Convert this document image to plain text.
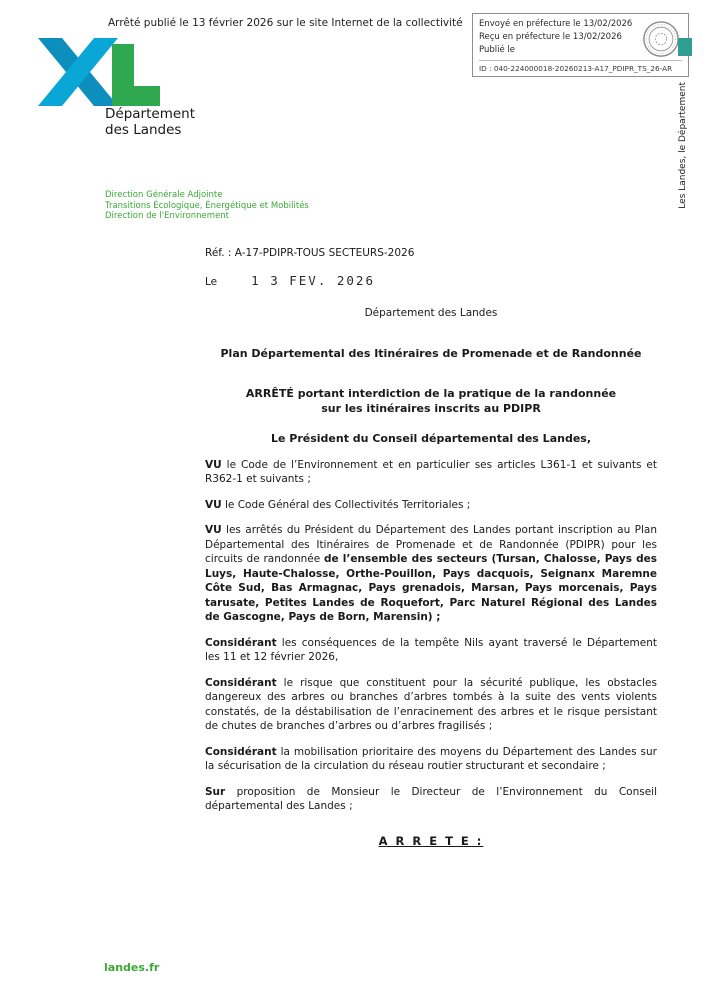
Arrêté publié le 13 février 2026 sur le site Internet de la collectivité Envoyé en préfecture le 13/02/2026
Reçu en préfecture le 13/02/2026
Publié le
ID : 040-224000018-20260213-A17_PDIPR_TS_26-AR
Les Landes, le Département
Département
des Landes
Direction Générale Adjointe
Transitions Écologique, Énergétique et Mobilités
Direction de l'Environnement
Réf. : A-17-PDIPR-TOUS SECTEURS-2026
Le	1 3 FEV. 2026
Département des Landes
Plan Départemental des Itinéraires de Promenade et de Randonnée
ARRÊTÉ portant interdiction de la pratique de la randonnée
sur les itinéraires inscrits au PDIPR
Le Président du Conseil départemental des Landes,

VU le Code de l’Environnement et en particulier ses articles L361-1 et suivants et R362-1 et suivants ;

VU le Code Général des Collectivités Territoriales ;

VU les arrêtés du Président du Département des Landes portant inscription au Plan Départemental des Itinéraires de Promenade et de Randonnée (PDIPR) pour les circuits de randonnée de l’ensemble des secteurs (Tursan, Chalosse, Pays des Luys, Haute-Chalosse, Orthe-Pouillon, Pays dacquois, Seignanx Maremne Côte Sud, Bas Armagnac, Pays grenadois, Marsan, Pays morcenais, Pays tarusate, Petites Landes de Roquefort, Parc Naturel Régional des Landes de Gascogne, Pays de Born, Marensin) ;

Considérant les conséquences de la tempête Nils ayant traversé le Département les 11 et 12 février 2026,

Considérant le risque que constituent pour la sécurité publique, les obstacles dangereux des arbres ou branches d’arbres tombés à la suite des vents violents constatés, de la déstabilisation de l’enracinement des arbres et le risque persistant de chutes de branches d’arbres ou d’arbres fragilisés ;

Considérant la mobilisation prioritaire des moyens du Département des Landes sur la sécurisation de la circulation du réseau routier structurant et secondaire ;

Sur proposition de Monsieur le Directeur de l’Environnement du Conseil départemental des Landes ;

A R R E T E :
landes.fr
